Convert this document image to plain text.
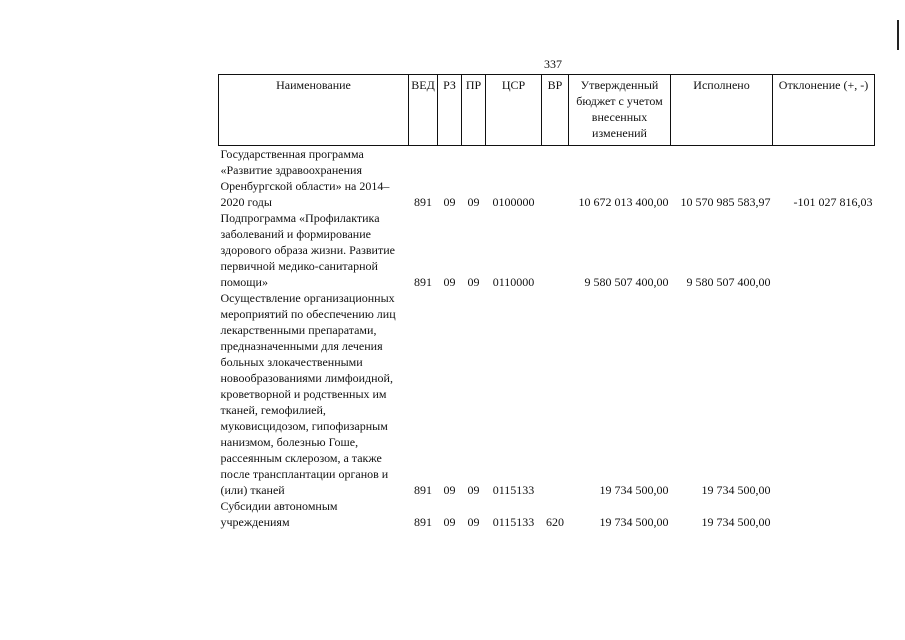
337
Наименование	ВЕД	РЗ	ПР	ЦСР	ВР	Утвержденный бюджет с учетом внесенных изменений	Исполнено	Отклонение (+, -)
Государственная программа «Развитие здравоохранения Оренбургской области» на 2014–2020 годы	891	09	09	0100000		10 672 013 400,00	10 570 985 583,97	-101 027 816,03
Подпрограмма «Профилактика заболеваний и формирование здорового образа жизни. Развитие первичной медико-санитарной помощи»	891	09	09	0110000		9 580 507 400,00	9 580 507 400,00	
Осуществление организационных мероприятий по обеспечению лиц лекарственными препаратами, предназначенными для лечения больных злокачественными новообразованиями лимфоидной, кроветворной и родственных им тканей, гемофилией, муковисцидозом, гипофизарным нанизмом, болезнью Гоше, рассеянным склерозом, а также после трансплантации органов и (или) тканей	891	09	09	0115133		19 734 500,00	19 734 500,00	
Субсидии автономным учреждениям	891	09	09	0115133	620	19 734 500,00	19 734 500,00	
